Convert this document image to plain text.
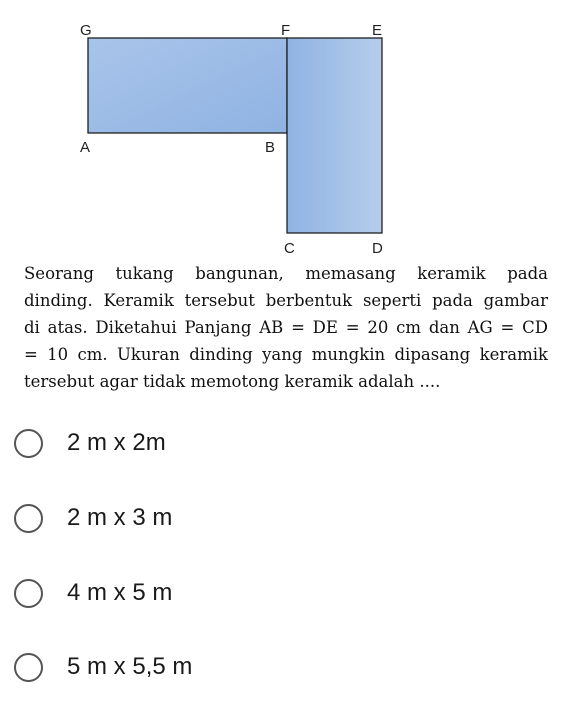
G	F	E
A	B
C	D
Seorang tukang bangunan, memasang keramik pada
dinding. Keramik tersebut berbentuk seperti pada gambar
di atas. Diketahui Panjang AB = DE = 20 cm dan AG = CD
= 10 cm. Ukuran dinding yang mungkin dipasang keramik
tersebut agar tidak memotong keramik adalah ....
2 m x 2m
2 m x 3 m
4 m x 5 m
5 m x 5,5 m
